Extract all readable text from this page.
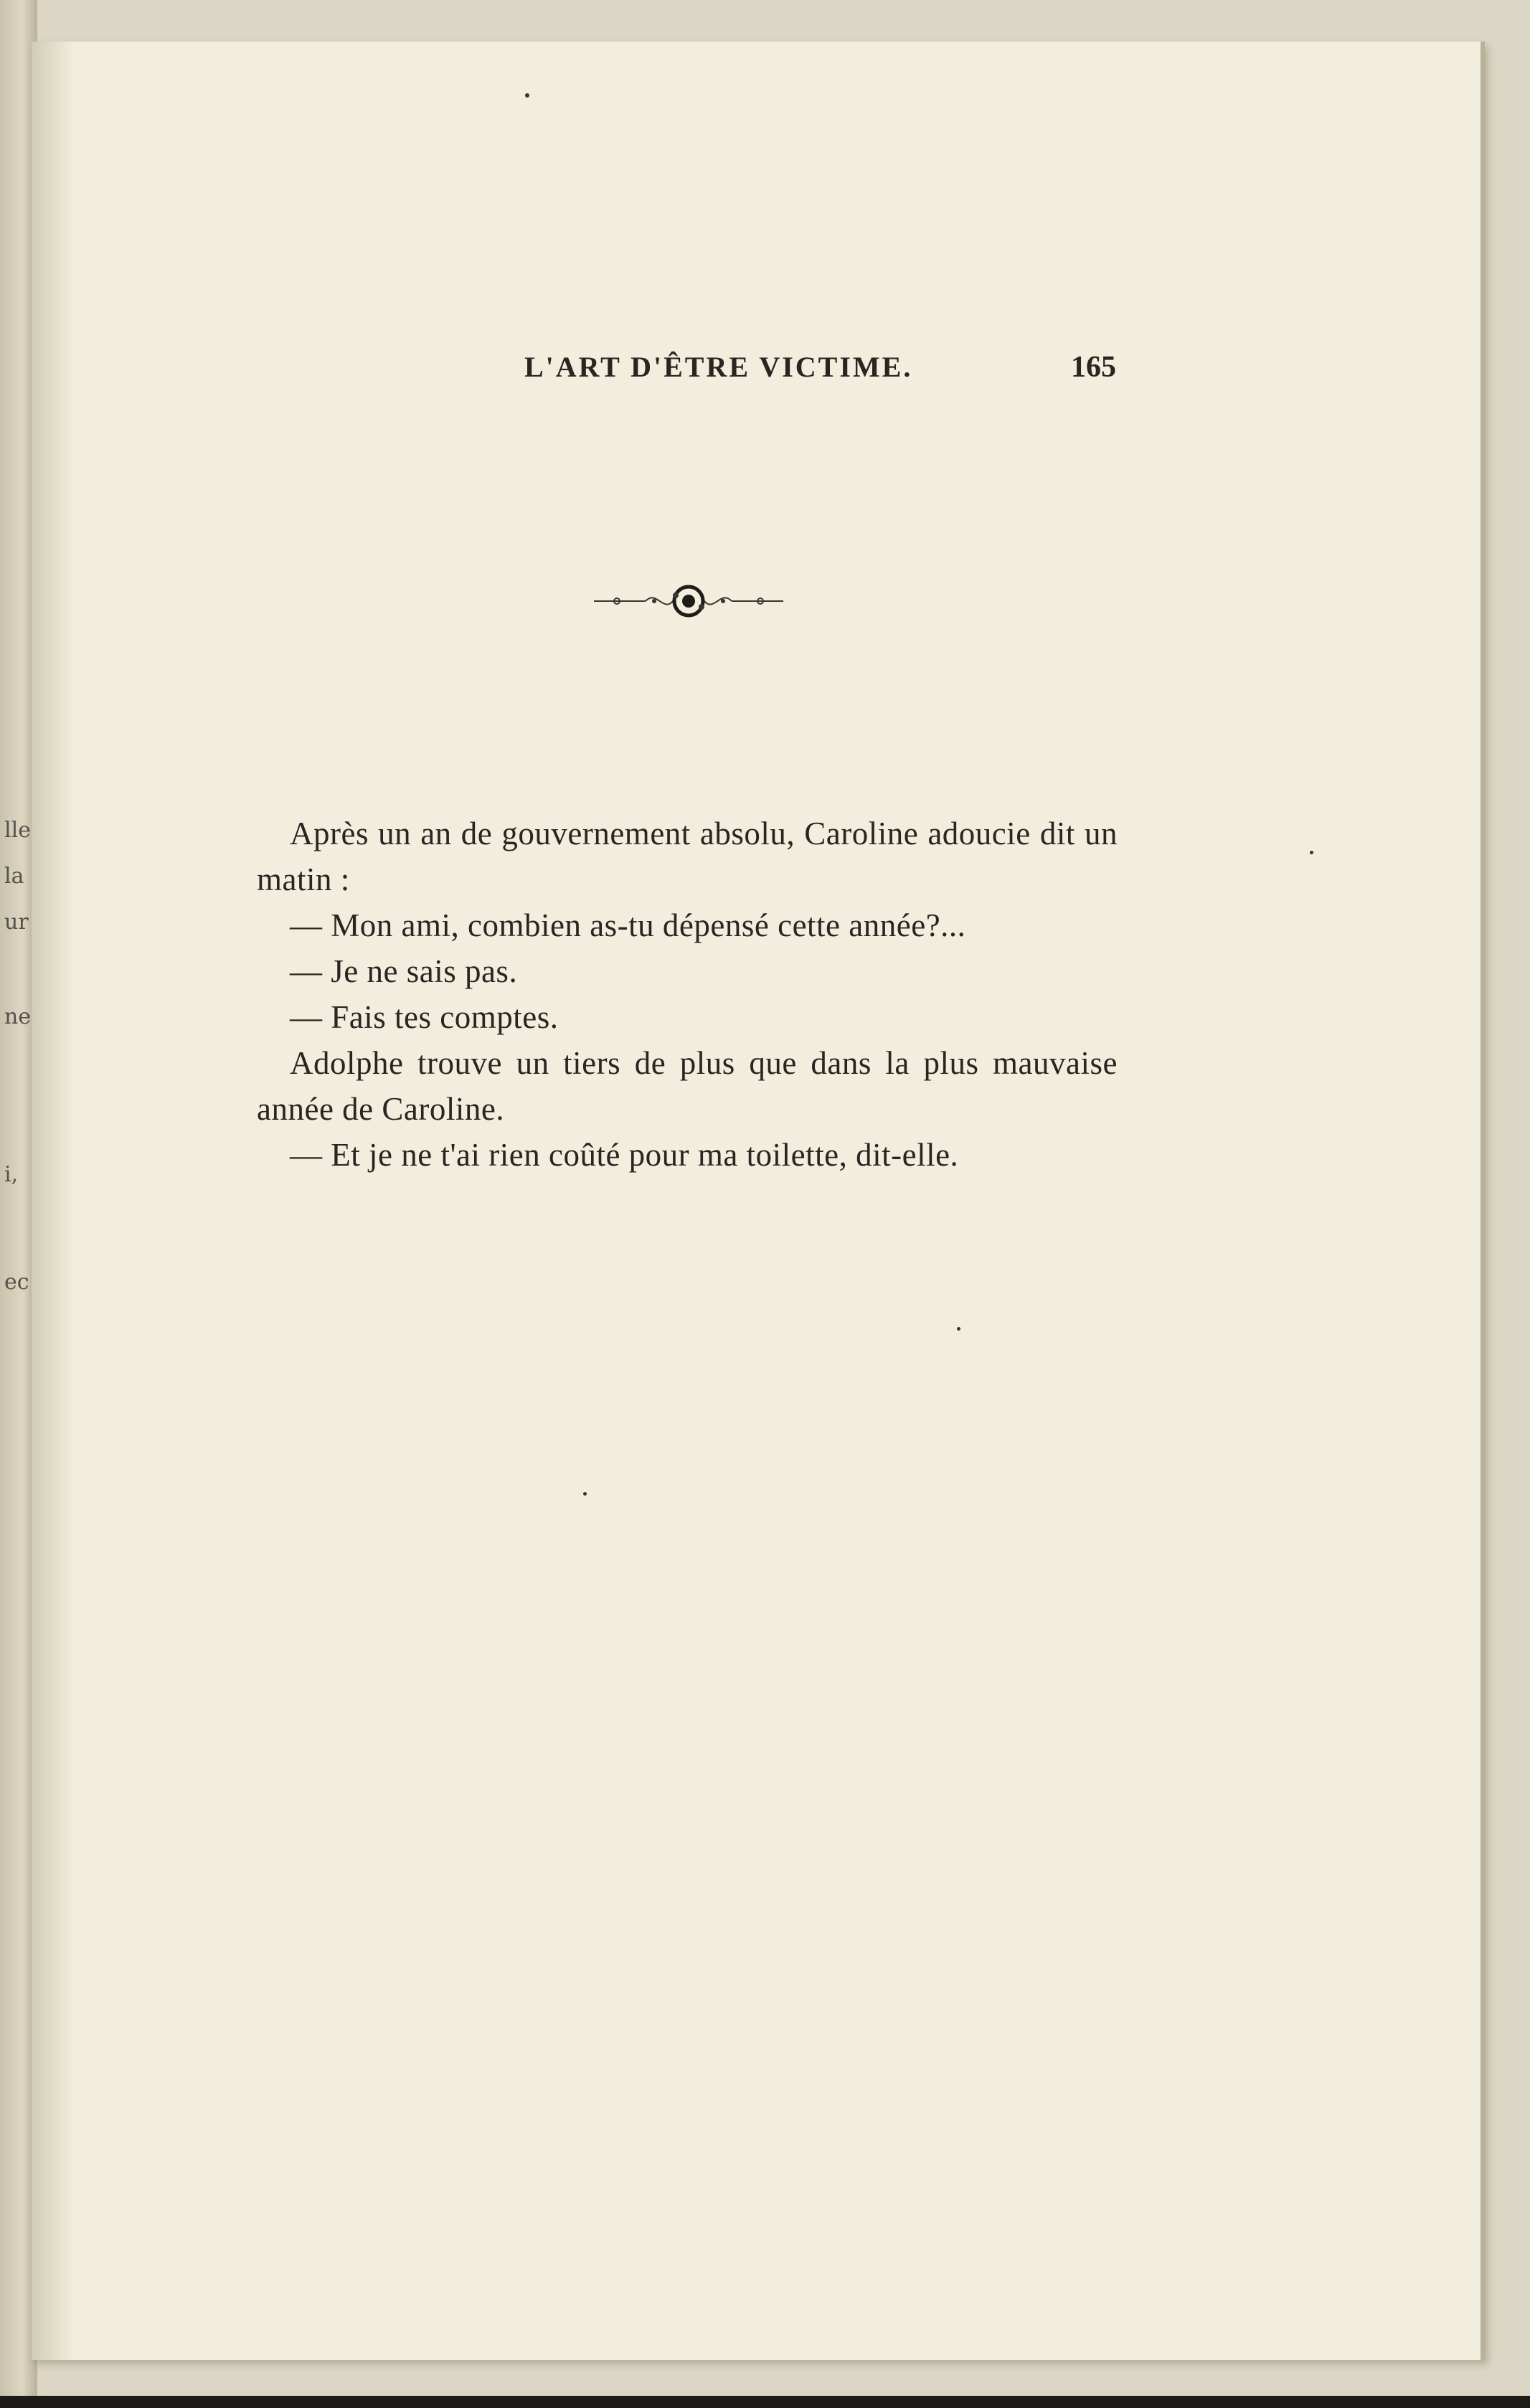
lle
la
ur
ne
i,
ec
L'ART D'ÊTRE VICTIME.	165

Après un an de gouvernement absolu, Caroline adoucie dit un matin :

— Mon ami, combien as-tu dépensé cette année?...

— Je ne sais pas.

— Fais tes comptes.

Adolphe trouve un tiers de plus que dans la plus mauvaise année de Caroline.

— Et je ne t'ai rien coûté pour ma toilette, dit-elle.
